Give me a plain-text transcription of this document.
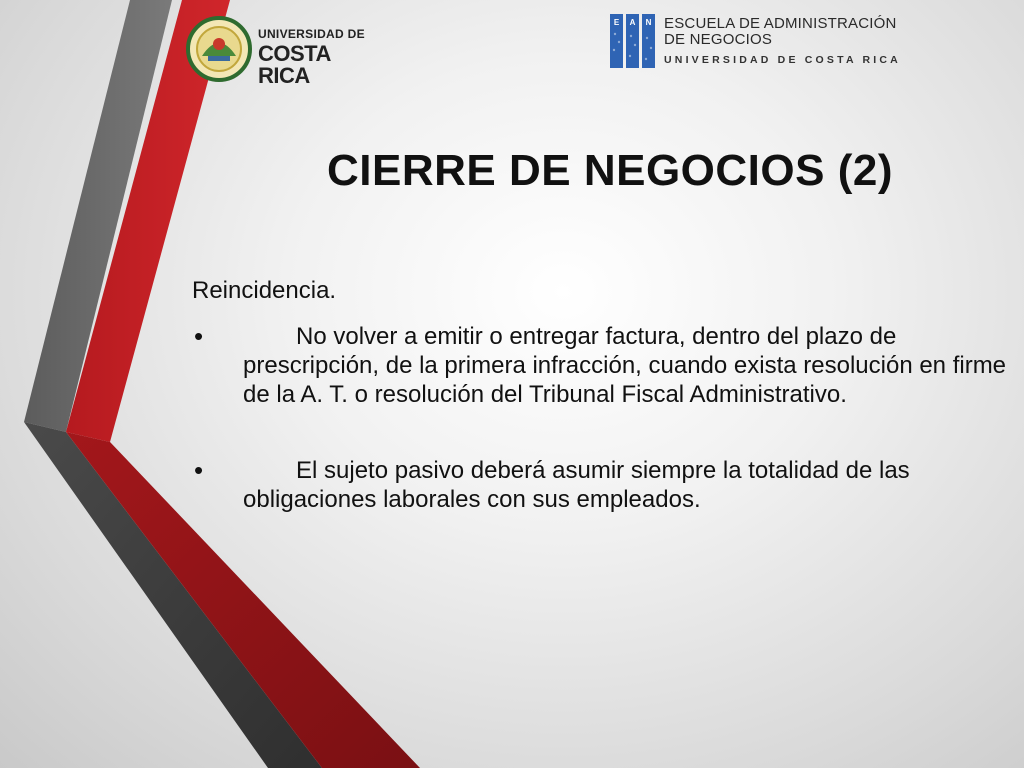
UNIVERSIDAD DE
COSTA RICA
E A N ESCUELA DE ADMINISTRACIÓN
DE NEGOCIOS
UNIVERSIDAD DE COSTA RICA
CIERRE DE NEGOCIOS (2)
Reincidencia.
•	No volver a emitir o entregar factura, dentro del plazo de prescripción, de la primera infracción, cuando exista resolución en firme de la A. T. o resolución del Tribunal Fiscal Administrativo.
•	El sujeto pasivo deberá asumir siempre la totalidad de las obligaciones laborales con sus empleados.
